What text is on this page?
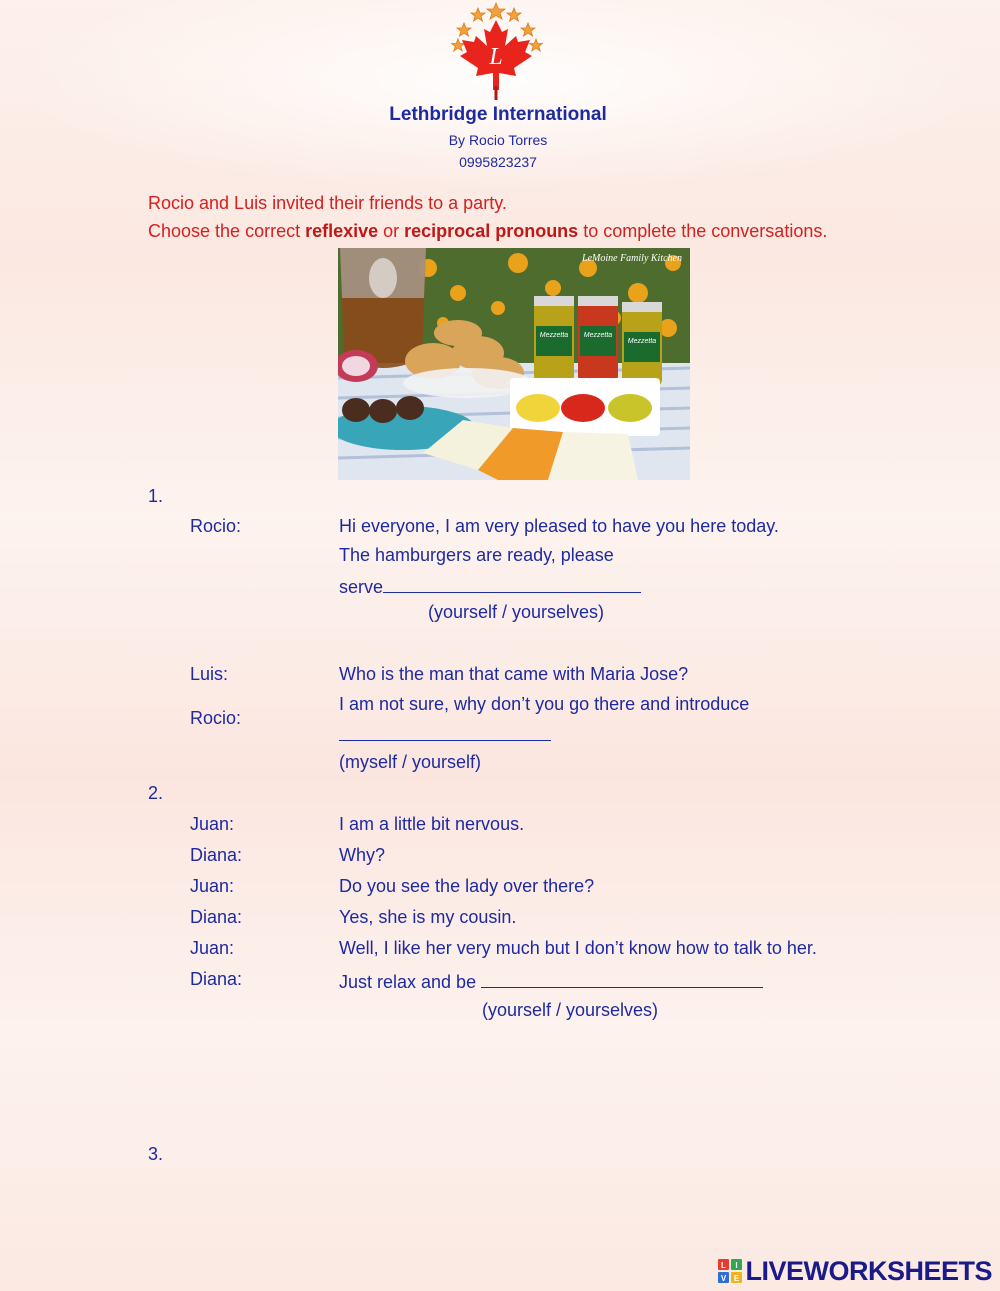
L
Lethbridge International
By Rocio Torres
0995823237
Rocio and Luis invited their friends to a party.
Choose the correct reflexive or reciprocal pronouns to complete the conversations.
Mezzetta Mezzetta
Mezzetta
LeMoine Family Kitchen
1.
Rocio:	Hi everyone, I am very pleased to have you here today.
The hamburgers are ready, please
serve
(yourself / yourselves)
Luis:	Who is the man that came with Maria Jose?
Rocio:
I am not sure, why don’t you go there and introduce
(myself / yourself)
2.
Juan:	I am a little bit nervous.
Diana:	Why?
Juan:	Do you see the lady over there?
Diana:	Yes, she is my cousin.
Juan:	Well, I like her very much but I don’t know how to talk to her.
Diana:	Just relax and be
(yourself / yourselves)
3.
L I
V E LIVEWORKSHEETS
